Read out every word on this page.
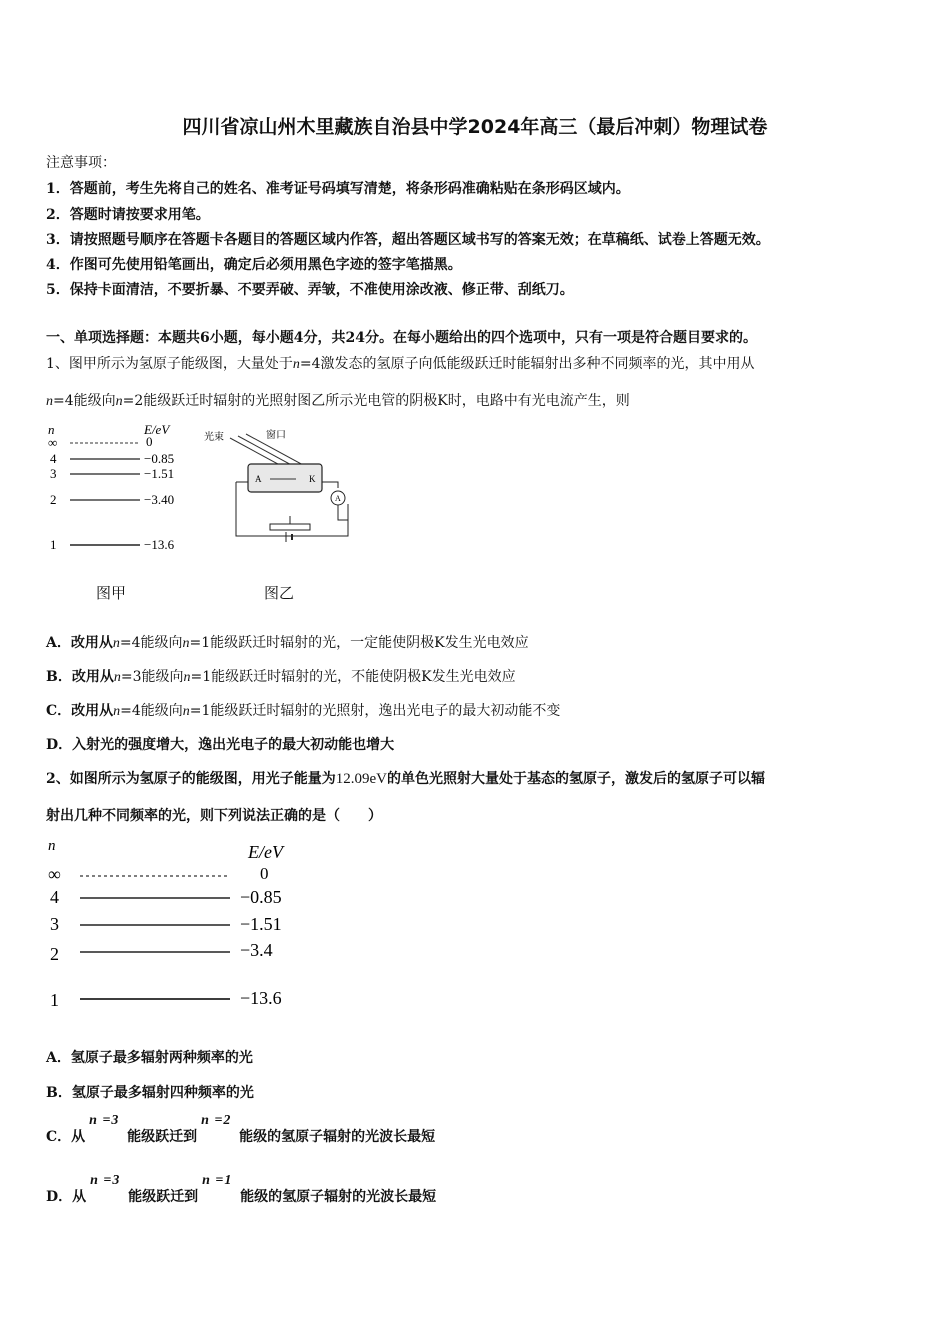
四川省凉山州木里藏族自治县中学2024年高三（最后冲刺）物理试卷
注意事项：
1．答题前，考生先将自己的姓名、准考证号码填写清楚，将条形码准确粘贴在条形码区域内。
2．答题时请按要求用笔。
3．请按照题号顺序在答题卡各题目的答题区域内作答，超出答题区域书写的答案无效；在草稿纸、试卷上答题无效。
4．作图可先使用铅笔画出，确定后必须用黑色字迹的签字笔描黑。
5．保持卡面清洁，不要折暴、不要弄破、弄皱，不准使用涂改液、修正带、刮纸刀。
一、单项选择题：本题共6小题，每小题4分，共24分。在每小题给出的四个选项中，只有一项是符合题目要求的。
1、图甲所示为氢原子能级图，大量处于n=4激发态的氢原子向低能级跃迁时能辐射出多种不同频率的光，其中用从
n=4能级向n=2能级跃迁时辐射的光照射图乙所示光电管的阴极K时，电路中有光电流产生，则
n	E/eV
∞	0
4	−0.85
3	−1.51
2	−3.40
1	−13.6
图甲
光束	窗口
A	K
A
图乙
A．改用从n=4能级向n=1能级跃迁时辐射的光，一定能使阴极K发生光电效应
B．改用从n=3能级向n=1能级跃迁时辐射的光，不能使阴极K发生光电效应
C．改用从n=4能级向n=1能级跃迁时辐射的光照射，逸出光电子的最大初动能不变
D．入射光的强度增大，逸出光电子的最大初动能也增大
2、如图所示为氢原子的能级图，用光子能量为12.09eV的单色光照射大量处于基态的氢原子，激发后的氢原子可以辐
射出几种不同频率的光，则下列说法正确的是（　　）
n	E/eV
∞	0
4	−0.85
3	−1.51
2	−3.4
1	−13.6
A．氢原子最多辐射两种频率的光
B．氢原子最多辐射四种频率的光
C．从
n =3
能级跃迁到
n =2
能级的氢原子辐射的光波长最短
D．从
n =3
能级跃迁到
n =1
能级的氢原子辐射的光波长最短
